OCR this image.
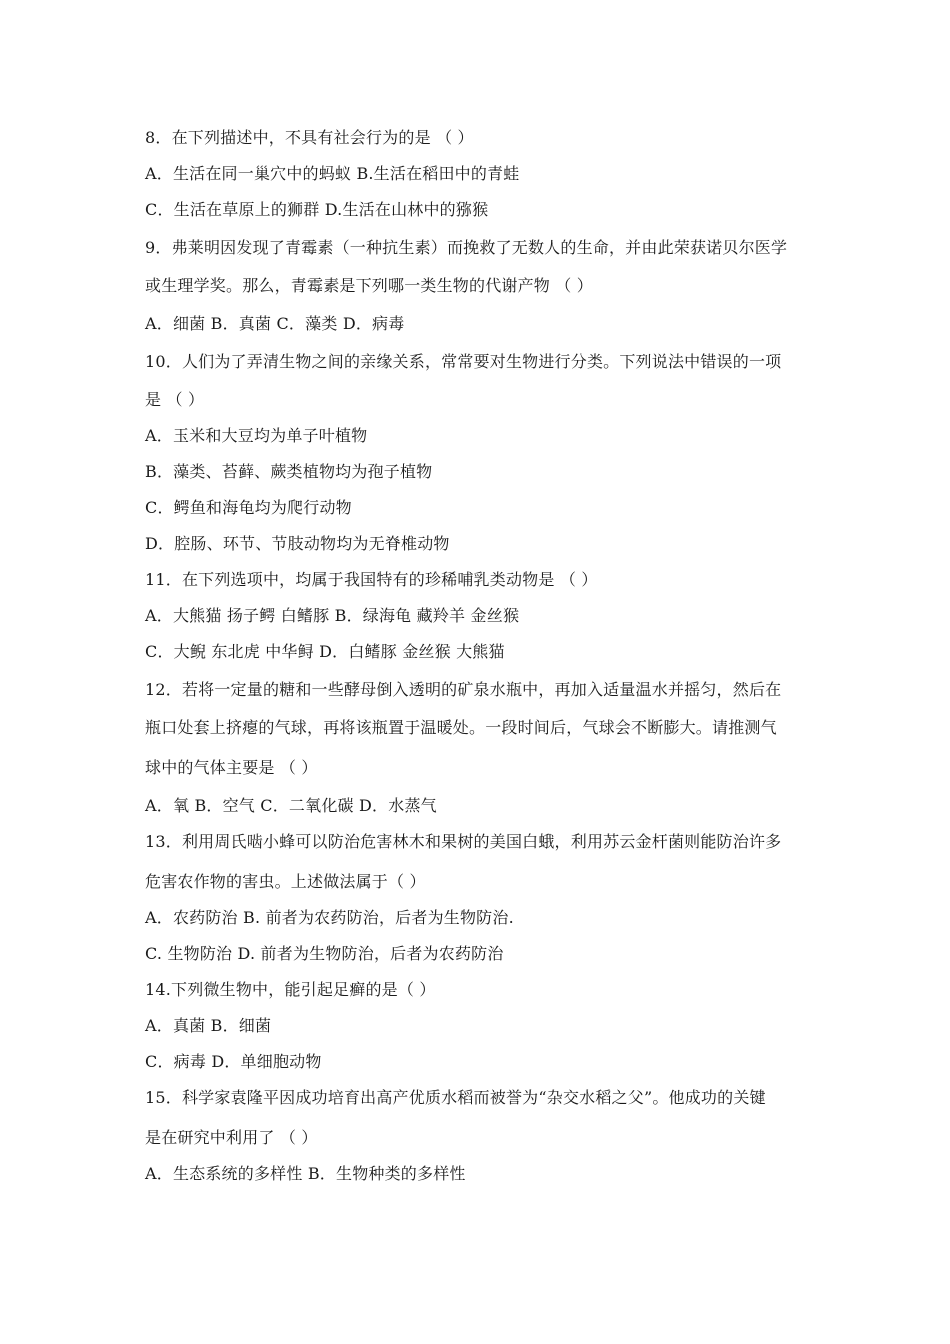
8．在下列描述中，不具有社会行为的是 （ ）
A．生活在同一巢穴中的蚂蚁 B.生活在稻田中的青蛙
C．生活在草原上的狮群 D.生活在山林中的猕猴
9．弗莱明因发现了青霉素（一种抗生素）而挽救了无数人的生命，并由此荣获诺贝尔医学
或生理学奖。那么，青霉素是下列哪一类生物的代谢产物 （ ）
A．细菌 B．真菌 C．藻类 D．病毒
10．人们为了弄清生物之间的亲缘关系，常常要对生物进行分类。下列说法中错误的一项
是 （ ）
A．玉米和大豆均为单子叶植物
B．藻类、苔藓、蕨类植物均为孢子植物
C．鳄鱼和海龟均为爬行动物
D．腔肠、环节、节肢动物均为无脊椎动物
11．在下列选项中，均属于我国特有的珍稀哺乳类动物是 （ ）
A．大熊猫 扬子鳄 白鳍豚 B．绿海龟 藏羚羊 金丝猴
C．大鲵 东北虎 中华鲟 D．白鳍豚 金丝猴 大熊猫
12．若将一定量的糖和一些酵母倒入透明的矿泉水瓶中，再加入适量温水并摇匀，然后在
瓶口处套上挤瘪的气球，再将该瓶置于温暖处。一段时间后，气球会不断膨大。请推测气
球中的气体主要是 （ ）
A．氧 B．空气 C．二氧化碳 D．水蒸气
13．利用周氏啮小蜂可以防治危害林木和果树的美国白蛾，利用苏云金杆菌则能防治许多
危害农作物的害虫。上述做法属于（ ）
A．农药防治 B. 前者为农药防治，后者为生物防治.
C. 生物防治 D. 前者为生物防治，后者为农药防治
14.下列微生物中，能引起足癣的是（ ）
A．真菌 B．细菌
C．病毒 D．单细胞动物
15．科学家袁隆平因成功培育出高产优质水稻而被誉为“杂交水稻之父”。他成功的关键
是在研究中利用了 （ ）
A．生态系统的多样性 B．生物种类的多样性
